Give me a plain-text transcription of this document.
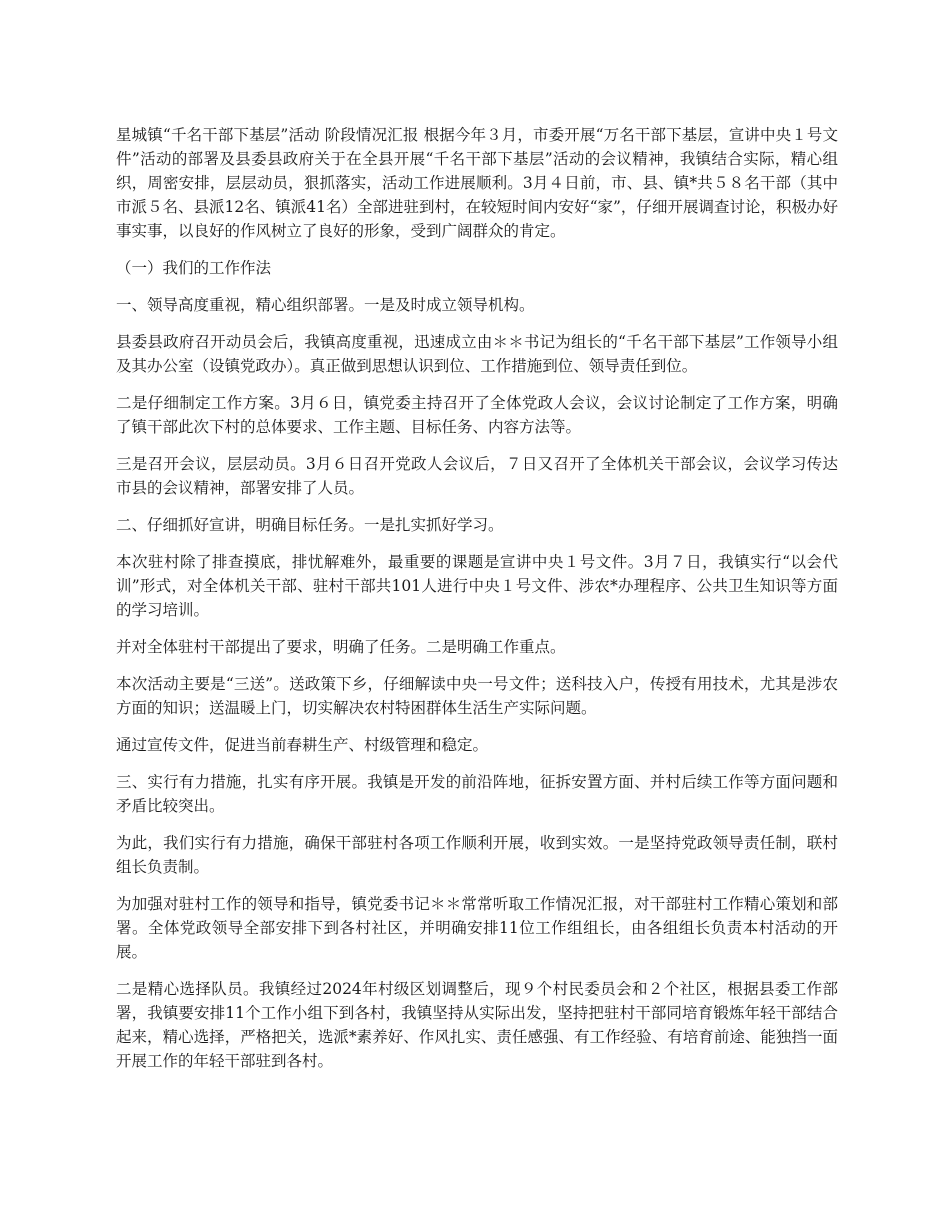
星城镇“千名干部下基层”活动 阶段情况汇报 根据今年３月，市委开展“万名干部下基层，宣讲中央１号文件”活动的部署及县委县政府关于在全县开展“千名干部下基层”活动的会议精神，我镇结合实际，精心组织，周密安排，层层动员，狠抓落实，活动工作进展顺利。3月４日前，市、县、镇*共５８名干部（其中市派５名、县派12名、镇派41名）全部进驻到村，在较短时间内安好“家”，仔细开展调查讨论，积极办好事实事，以良好的作风树立了良好的形象，受到广阔群众的肯定。

（一）我们的工作作法

一、领导高度重视，精心组织部署。一是及时成立领导机构。

县委县政府召开动员会后，我镇高度重视，迅速成立由＊＊书记为组长的“千名干部下基层”工作领导小组及其办公室（设镇党政办）。真正做到思想认识到位、工作措施到位、领导责任到位。

二是仔细制定工作方案。3月６日，镇党委主持召开了全体党政人会议，会议讨论制定了工作方案，明确了镇干部此次下村的总体要求、工作主题、目标任务、内容方法等。

三是召开会议，层层动员。3月６日召开党政人会议后，７日又召开了全体机关干部会议，会议学习传达市县的会议精神，部署安排了人员。

二、仔细抓好宣讲，明确目标任务。一是扎实抓好学习。

本次驻村除了排查摸底，排忧解难外，最重要的课题是宣讲中央１号文件。3月７日，我镇实行“以会代训”形式，对全体机关干部、驻村干部共101人进行中央１号文件、涉农*办理程序、公共卫生知识等方面的学习培训。

并对全体驻村干部提出了要求，明确了任务。二是明确工作重点。

本次活动主要是“三送”。送政策下乡，仔细解读中央一号文件；送科技入户，传授有用技术，尤其是涉农方面的知识；送温暖上门，切实解决农村特困群体生活生产实际问题。

通过宣传文件，促进当前春耕生产、村级管理和稳定。

三、实行有力措施，扎实有序开展。我镇是开发的前沿阵地，征拆安置方面、并村后续工作等方面问题和矛盾比较突出。

为此，我们实行有力措施，确保干部驻村各项工作顺利开展，收到实效。一是坚持党政领导责任制，联村组长负责制。

为加强对驻村工作的领导和指导，镇党委书记＊＊常常听取工作情况汇报，对干部驻村工作精心策划和部署。全体党政领导全部安排下到各村社区，并明确安排11位工作组组长，由各组组长负责本村活动的开展。

二是精心选择队员。我镇经过2024年村级区划调整后，现９个村民委员会和２个社区，根据县委工作部署，我镇要安排11个工作小组下到各村，我镇坚持从实际出发，坚持把驻村干部同培育锻炼年轻干部结合起来，精心选择，严格把关，选派*素养好、作风扎实、责任感强、有工作经验、有培育前途、能独挡一面开展工作的年轻干部驻到各村。
